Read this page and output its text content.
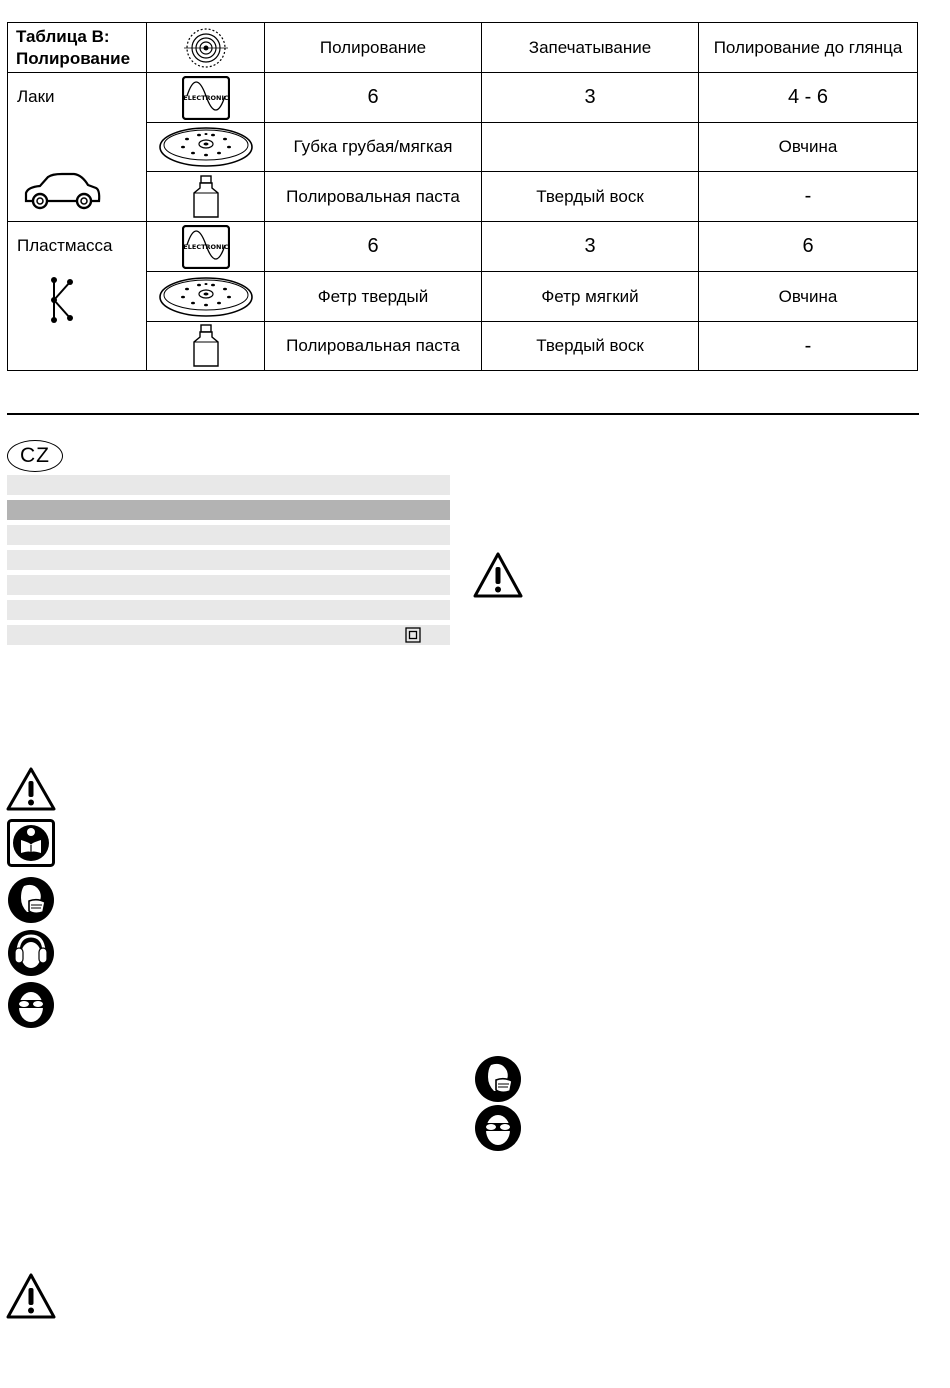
Таблица B:
Полирование		Полирование	Запечатывание	Полирование до глянца

Лаки	ELECTRONIC	6	3	4 - 6

	Губка грубая/мягкая		Овчина

	Полировальная паста	Твердый воск	-

Пластмасса	ELECTRONIC	6	3	6

	Фетр твердый	Фетр мягкий	Овчина

	Полировальная паста	Твердый воск	-
CZ
